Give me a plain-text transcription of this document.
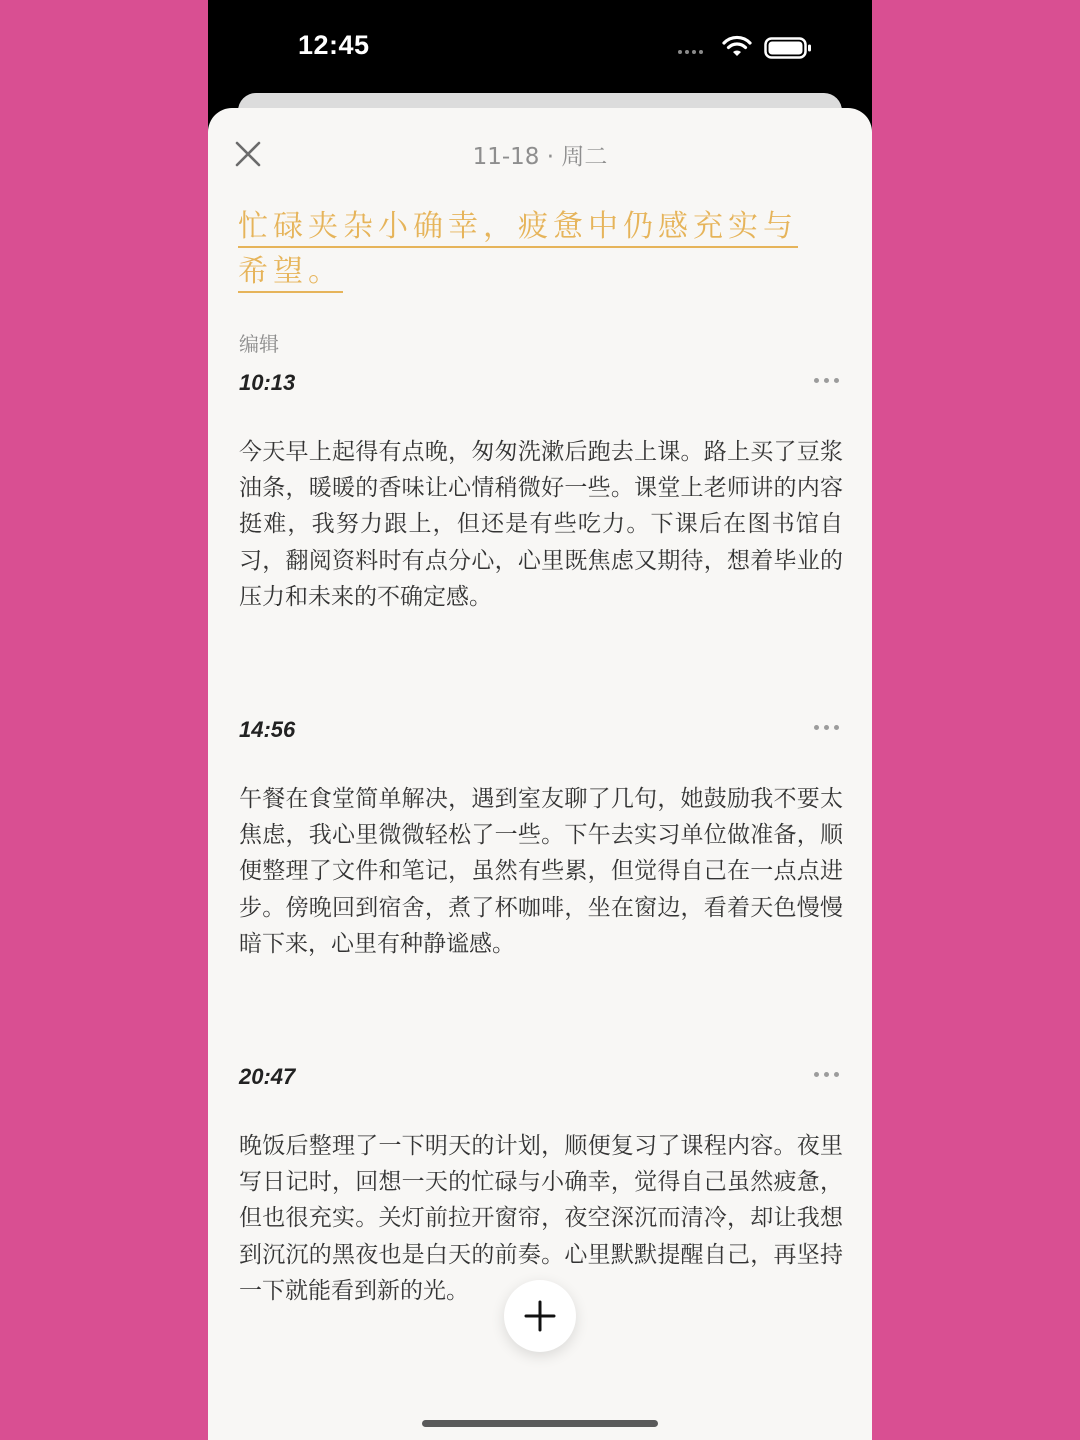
12:45
11-18 · 周二
忙碌夹杂小确幸，疲惫中仍感充实与希望。
编辑
10:13
今天早上起得有点晚，匆匆洗漱后跑去上课。路上买了豆浆油条，暖暖的香味让心情稍微好一些。课堂上老师讲的内容挺难，我努力跟上，但还是有些吃力。下课后在图书馆自习，翻阅资料时有点分心，心里既焦虑又期待，想着毕业的压力和未来的不确定感。
14:56
午餐在食堂简单解决，遇到室友聊了几句，她鼓励我不要太焦虑，我心里微微轻松了一些。下午去实习单位做准备，顺便整理了文件和笔记，虽然有些累，但觉得自己在一点点进步。傍晚回到宿舍，煮了杯咖啡，坐在窗边，看着天色慢慢暗下来，心里有种静谧感。
20:47
晚饭后整理了一下明天的计划，顺便复习了课程内容。夜里写日记时，回想一天的忙碌与小确幸，觉得自己虽然疲惫，但也很充实。关灯前拉开窗帘，夜空深沉而清冷，却让我想到沉沉的黑夜也是白天的前奏。心里默默提醒自己，再坚持一下就能看到新的光。
